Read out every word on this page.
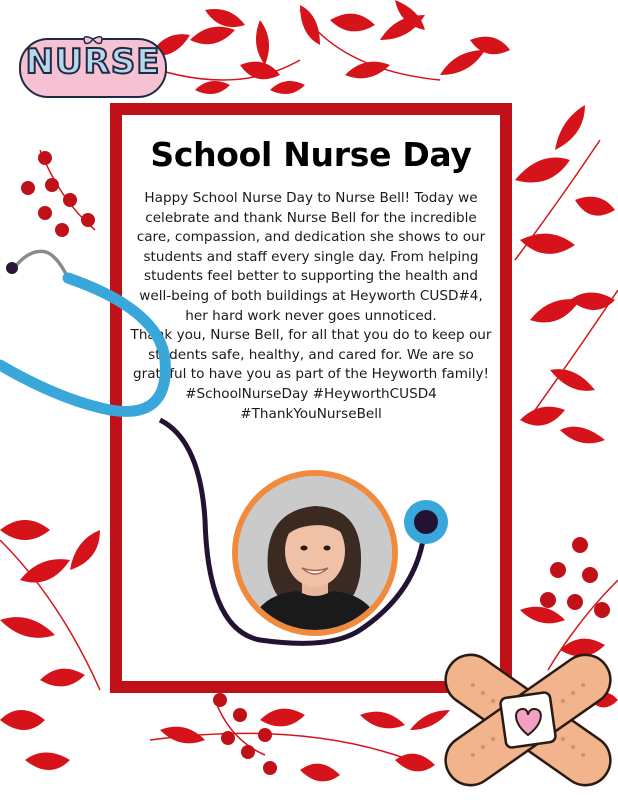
School Nurse Day

Happy School Nurse Day to Nurse Bell! Today we celebrate and thank Nurse Bell for the incredible care, compassion, and dedication she shows to our students and staff every single day. From helping students feel better to supporting the health and well-being of both buildings at Heyworth CUSD#4, her hard work never goes unnoticed.

Thank you, Nurse Bell, for all that you do to keep our students safe, healthy, and cared for. We are so grateful to have you as part of the Heyworth family! #SchoolNurseDay #HeyworthCUSD4 #ThankYouNurseBell

NURSE
